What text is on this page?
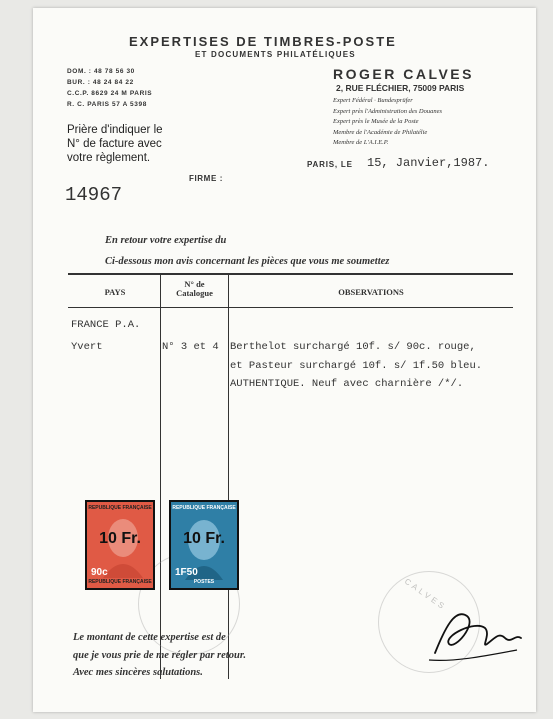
EXPERTISES DE TIMBRES-POSTE
ET DOCUMENTS PHILATÉLIQUES
DOM. : 48 78 56 30
BUR. : 48 24 84 22
C.C.P. 8629 24 M PARIS
R. C. PARIS 57 A 5398
ROGER CALVES
2, RUE FLÉCHIER, 75009 PARIS
Expert Fédéral · Bundesprüfer
Expert près l'Administration des Douanes
Expert près le Musée de la Poste
Membre de l'Académie de Philatélie
Membre de L'A.I.E.P.
Prière d'indiquer le
N° de facture avec
votre règlement.
PARIS, LE 15, Janvier,1987.
FIRME :
14967
En retour votre expertise du
Ci-dessous mon avis concernant les pièces que vous me soumettez
PAYS
N° de
Catalogue	OBSERVATIONS
FRANCE P.A.
Yvert	N° 3 et 4 Berthelot surchargé 10f. s/ 90c. rouge,
et Pasteur surchargé 10f. s/ 1f.50 bleu.
AUTHENTIQUE. Neuf avec charnière /*/.
CALVES
REPUBLIQUE FRANÇAISE
10 Fr.
90c
REPUBLIQUE FRANÇAISE
REPUBLIQUE FRANÇAISE
10 Fr.
1F50
POSTES
Le montant de cette expertise est de
que je vous prie de me régler par retour.
Avec mes sincères salutations.
